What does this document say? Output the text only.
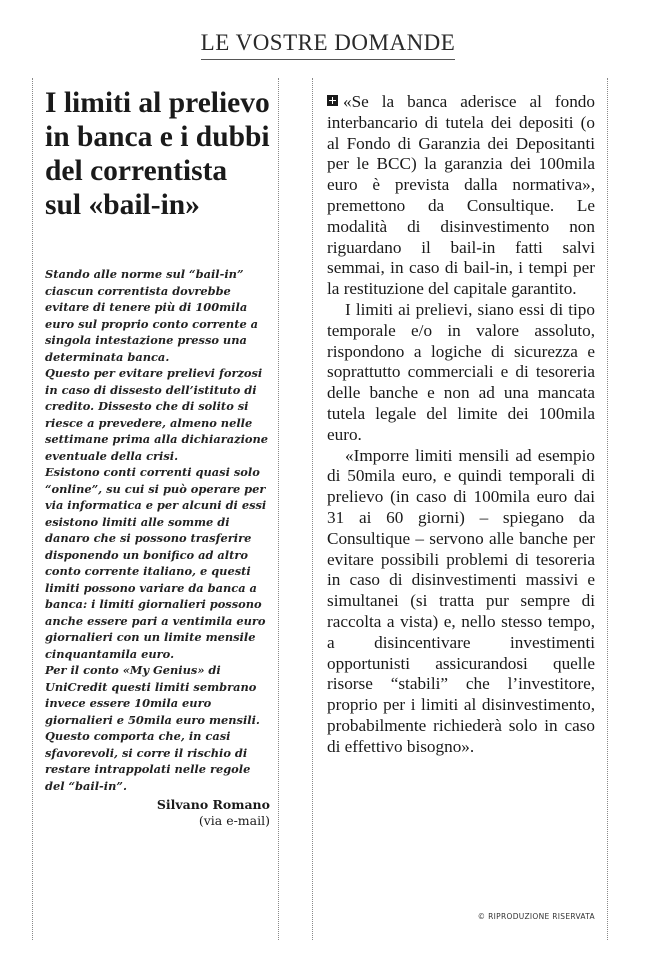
LE VOSTRE DOMANDE
I limiti al prelievo in banca e i dubbi del correntista sul «bail-in»

Stando alle norme sul “bail-in” ciascun correntista dovrebbe evitare di tenere più di 100mila euro sul proprio conto corrente a singola intestazione presso una determinata banca.

Questo per evitare prelievi forzosi in caso di dissesto dell’istituto di credito. Dissesto che di solito si riesce a prevedere, almeno nelle settimane prima alla dichiarazione eventuale della crisi.

Esistono conti correnti quasi solo “online”, su cui si può operare per via informatica e per alcuni di essi esistono limiti alle somme di danaro che si possono trasferire disponendo un bonifico ad altro conto corrente italiano, e questi limiti possono variare da banca a banca: i limiti giornalieri possono anche essere pari a ventimila euro giornalieri con un limite mensile cinquantamila euro.

Per il conto «My Genius» di UniCredit questi limiti sembrano invece essere 10mila euro giornalieri e 50mila euro mensili.

Questo comporta che, in casi sfavorevoli, si corre il rischio di restare intrappolati nelle regole del “bail-in”.

Silvano Romano
(via e-mail)

«Se la banca aderisce al fondo interbancario di tutela dei depositi (o al Fondo di Garanzia dei Depositanti per le BCC) la garanzia dei 100mila euro è prevista dalla normativa», premettono da Consultique. Le modalità di disinvestimento non riguardano il bail-in fatti salvi semmai, in caso di bail-in, i tempi per la restituzione del capitale garantito.

I limiti ai prelievi, siano essi di tipo temporale e/o in valore assoluto, rispondono a logiche di sicurezza e soprattutto commerciali e di tesoreria delle banche e non ad una mancata tutela legale del limite dei 100mila euro.

«Imporre limiti mensili ad esempio di 50mila euro, e quindi temporali di prelievo (in caso di 100mila euro dai 31 ai 60 giorni) – spiegano da Consultique – servono alle banche per evitare possibili problemi di tesoreria in caso di disinvestimenti massivi e simultanei (si tratta pur sempre di raccolta a vista) e, nello stesso tempo, a disincentivare investimenti opportunisti assicurandosi quelle risorse “stabili” che l’investitore, proprio per i limiti al disinvestimento, probabilmente richiederà solo in caso di effettivo bisogno».

© RIPRODUZIONE RISERVATA
